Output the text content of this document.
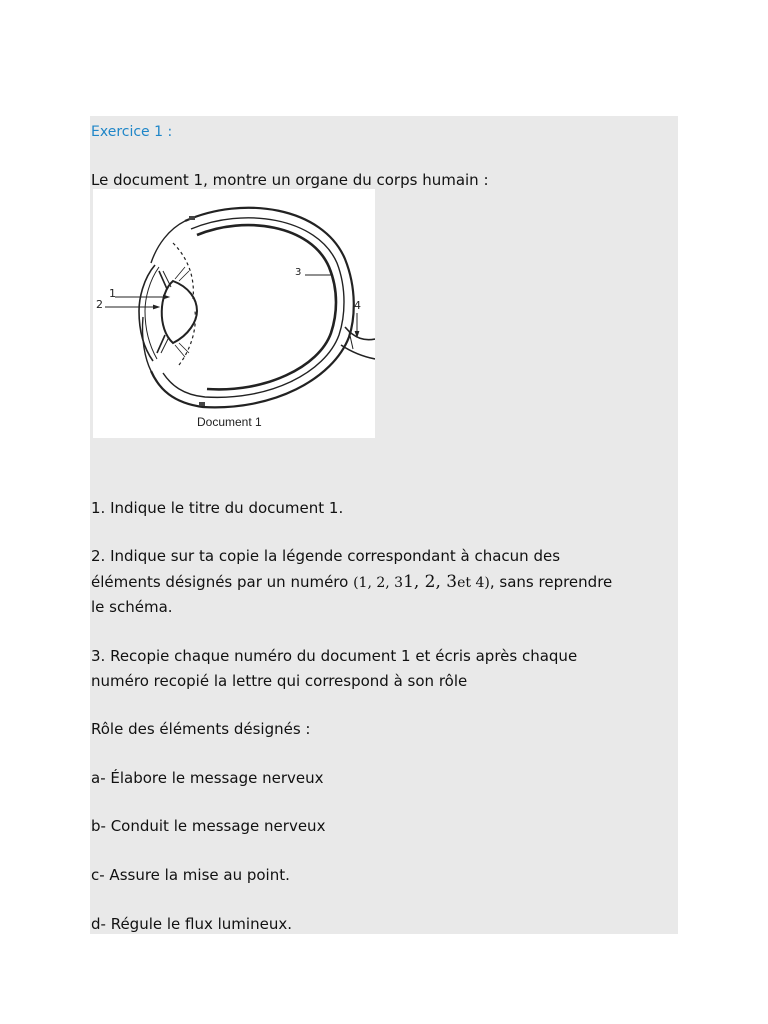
Exercice 1 :
Le document 1, montre un organe du corps humain :
1
2
3
4
Document 1
1. Indique le titre du document 1.
2. Indique sur ta copie la légende correspondant à chacun des
éléments désignés par un numéro (1, 2, 31, 2, 3et 4), sans reprendre
le schéma.
3. Recopie chaque numéro du document 1 et écris après chaque
numéro recopié la lettre qui correspond à son rôle
Rôle des éléments désignés :
a- Élabore le message nerveux
b- Conduit le message nerveux
c- Assure la mise au point.
d- Régule le flux lumineux.
